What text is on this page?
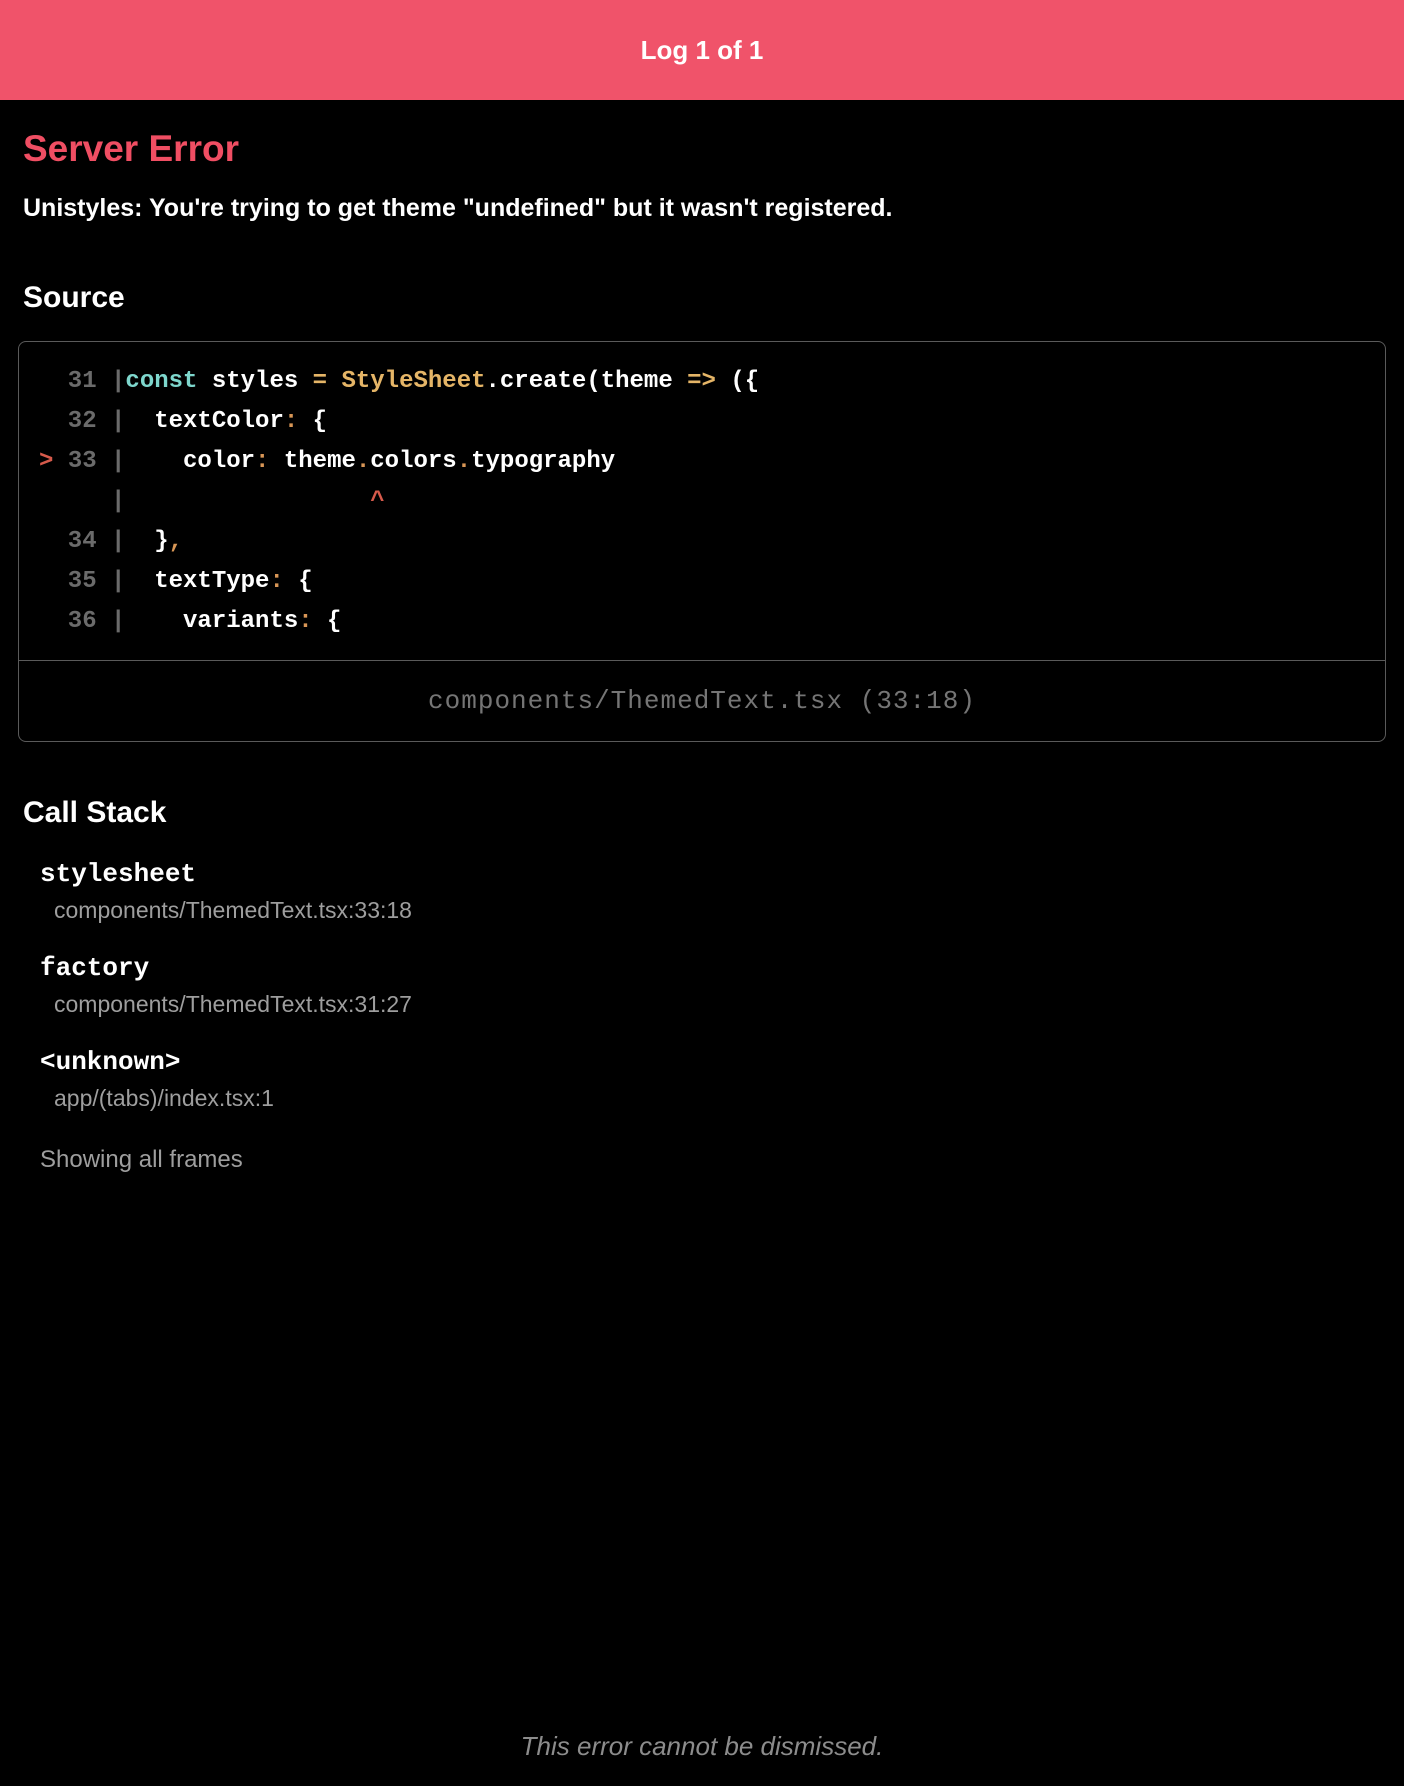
Log 1 of 1
Server Error

Unistyles: You're trying to get theme "undefined" but it wasn't registered.

Source
31 |const styles = StyleSheet.create(theme => ({
32 |  textColor: {
> 33 |    color: theme.colors.typography
|	^
34 |  },
35 |  textType: {
36 |    variants: {
components/ThemedText.tsx (33:18)
Call Stack
stylesheet
components/ThemedText.tsx:33:18
factory
components/ThemedText.tsx:31:27
<unknown>
app/(tabs)/index.tsx:1

Showing all frames

This error cannot be dismissed.
